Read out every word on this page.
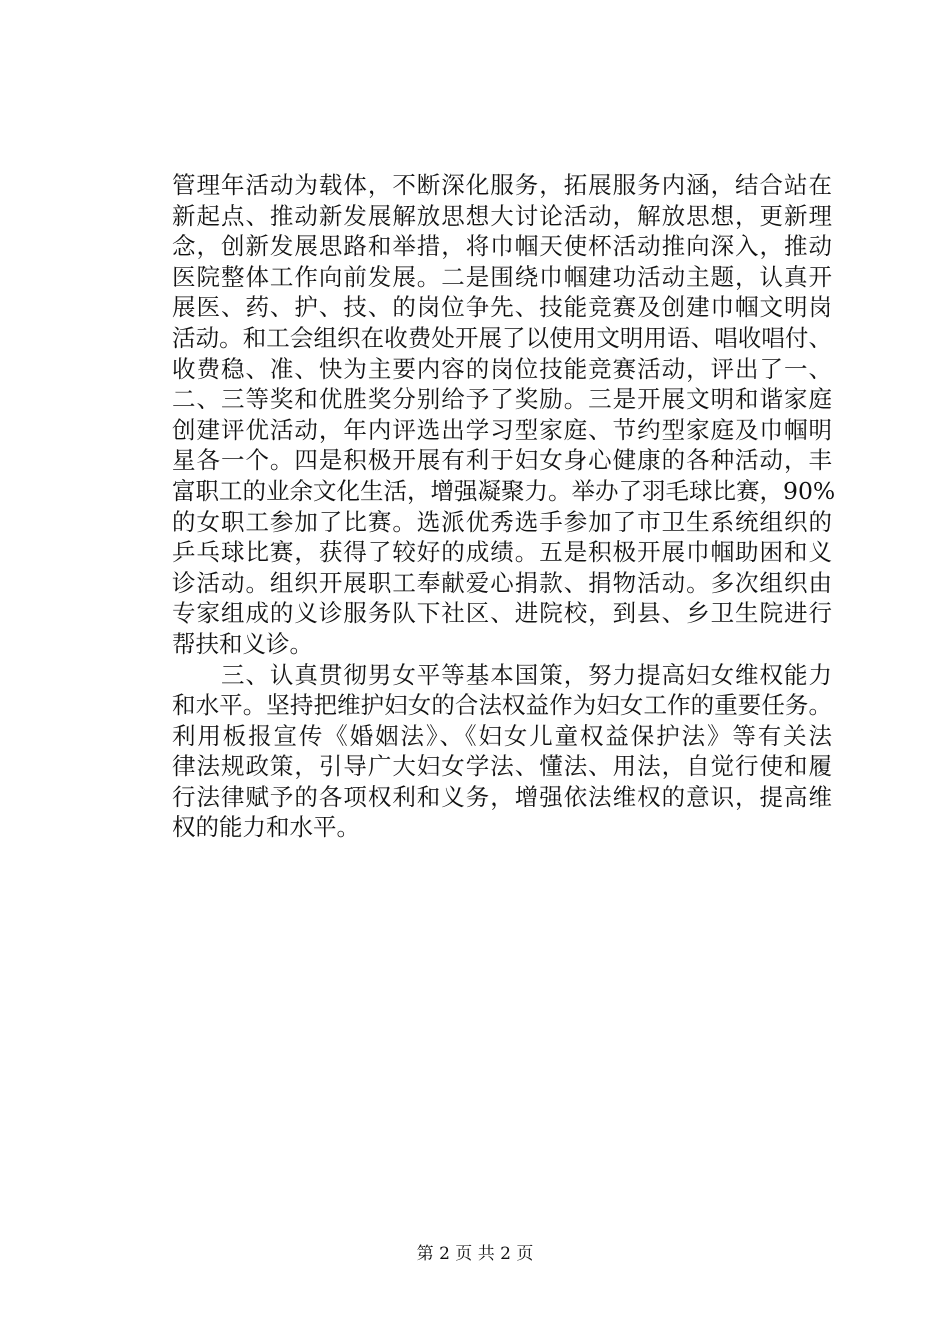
管理年活动为载体，不断深化服务，拓展服务内涵，结合站在
新起点、推动新发展解放思想大讨论活动，解放思想，更新理
念，创新发展思路和举措，将巾帼天使杯活动推向深入，推动
医院整体工作向前发展。二是围绕巾帼建功活动主题，认真开
展医、药、护、技、的岗位争先、技能竞赛及创建巾帼文明岗
活动。和工会组织在收费处开展了以使用文明用语、唱收唱付、
收费稳、准、快为主要内容的岗位技能竞赛活动，评出了一、
二、三等奖和优胜奖分别给予了奖励。三是开展文明和谐家庭
创建评优活动，年内评选出学习型家庭、节约型家庭及巾帼明
星各一个。四是积极开展有利于妇女身心健康的各种活动，丰
富职工的业余文化生活，增强凝聚力。举办了羽毛球比赛，90%
的女职工参加了比赛。选派优秀选手参加了市卫生系统组织的
乒乓球比赛，获得了较好的成绩。五是积极开展巾帼助困和义
诊活动。组织开展职工奉献爱心捐款、捐物活动。多次组织由
专家组成的义诊服务队下社区、进院校，到县、乡卫生院进行
帮扶和义诊。
　　三、认真贯彻男女平等基本国策，努力提高妇女维权能力
和水平。坚持把维护妇女的合法权益作为妇女工作的重要任务。
利用板报宣传《婚姻法》、《妇女儿童权益保护法》等有关法
律法规政策，引导广大妇女学法、懂法、用法，自觉行使和履
行法律赋予的各项权利和义务，增强依法维权的意识，提高维
权的能力和水平。
第 2 页 共 2 页
